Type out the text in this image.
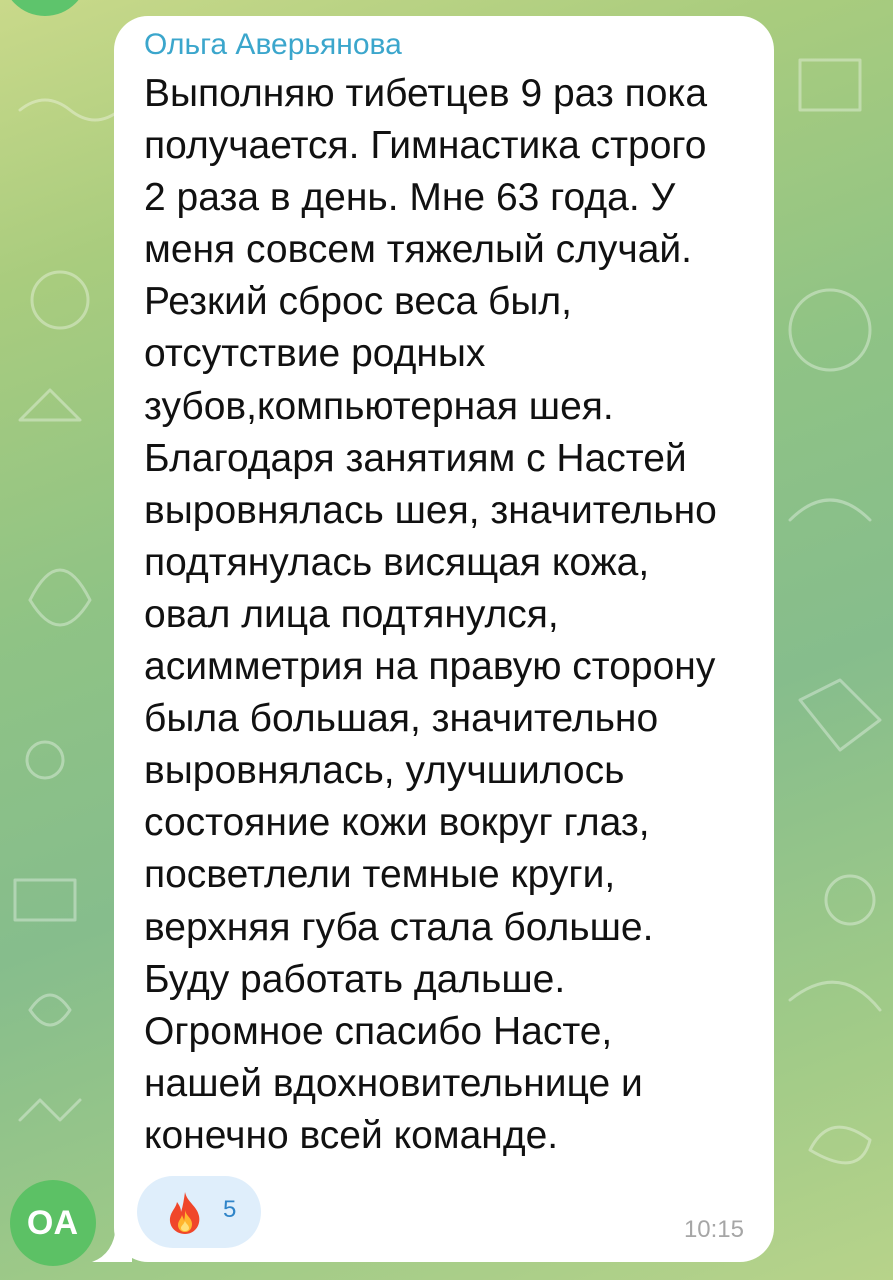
Ольга Аверьянова
Выполняю тибетцев 9 раз пока
получается. Гимнастика строго
2 раза в день. Мне 63 года. У
меня совсем тяжелый случай.
Резкий сброс веса был,
отсутствие родных
зубов,компьютерная шея.
Благодаря занятиям с Настей
выровнялась шея, значительно
подтянулась висящая кожа,
овал лица подтянулся,
асимметрия на правую сторону
была большая, значительно
выровнялась, улучшилось
состояние кожи вокруг глаз,
посветлели темные круги,
верхняя губа стала больше.
Буду работать дальше.
Огромное спасибо Насте,
нашей вдохновительнице и
конечно всей команде.
5
10:15
ОА
